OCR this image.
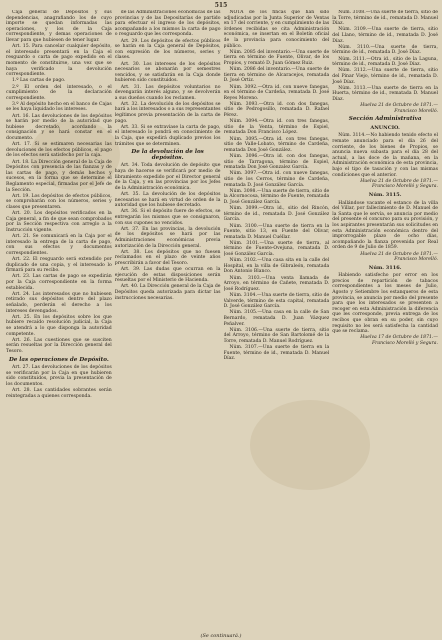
515

Caja general de Depósitos y sus dependencias, anagrafiando los de cuyo importe se quedan informadas las operaciones, y los de la Caja correspondiente, y demas operaciones de llevar para que hubiesen de tener lugar.

Art. 15. Para cancelar cualquier depósito, el interesado presentará en la Caja el resguardo o carta de pago expedido en el momento de constituirse, una vez que se haya verificado la devolución correspondiente.

1.º Las cartas de pago.

2.º El orden del interesado, o el cumplimiento de la declaración correspondiente.

3.º Al depósito hecho en el banco de Cajas se les haya liquidado los intereses.

Art. 16. Las devoluciones de los depósitos se harán por medio de la autoridad que hubiese decretado, acordando la consignación y se hará constar en el documento.

Art. 17. Si se estimaren necesarias las devoluciones de los efectos públicos, el pago de los efectos será satisfecho por la caja.

Art. 18. La Dirección general de la Caja de Depósitos con presencia de las fianzas y de las cartas de pago, y demás hechos y sucesos, en la forma que se determine el Reglamento especial, firmadas por el Jefe de la Sección.

Art. 19. Los depósitos de efectos públicos, se comprobarán con los números, series y clases que presentaren.

Art. 20. Los depósitos verificados en la Caja general, a fin de que sean comprobados por la Sección respectiva con arreglo a la Instrucción vigente.

Art. 21. Se comunicará en la Caja por el interesado la entrega de la carta de pago, con sus efectos y documentos correspondientes.

Art. 22. El resguardo será extendido por duplicado de una copia, y el interesado lo firmará para su recibo.

Art. 23. Las cartas de pago se expedirán por la Caja correspondiente en la forma establecida.

Art. 24. Los interesados que no hubiesen retirado sus depósitos dentro del plazo señalado, perderán el derecho a los intereses devengados.

Art. 25. En los depósitos sobre los que hubiere recaído resolución judicial, la Caja se atendrá a lo que disponga la autoridad competente.

Art. 26. Las cuestiones que se susciten serán resueltas por la Dirección general del Tesoro.

De las operaciones de Depósito.

Art. 27. Las devoluciones de los depósitos se verificarán por la Caja en que hubieren sido constituidos, previa la presentación de los documentos.

Art. 28. Las cantidades sobrantes serán reintegradas a quienes corresponda.

de las Administraciones económicas de las provincias y de las Depositarías de partido para efectuar el ingreso de los depósitos, acompañando a los mismos la carta de pago o resguardo que les corresponda.

Art. 29. Los depósitos de efectos públicos se harán en la Caja general de Depósitos, con expresión de los números, series y clases.

Art. 30. Los intereses de los depósitos necesarios se abonarán por semestres vencidos, y se satisfarán en la Caja donde hubieren sido constituidos.

Art. 31. Los depósitos voluntarios no devengarán interés alguno, y se devolverán a sus dueños cuando los reclamen.

Art. 32. La devolución de los depósitos se hará a los interesados o a sus representantes legítimos previa presentación de la carta de pago.

Art. 33. Si se extraviase la carta de pago, el interesado lo pondrá en conocimiento de la Caja, que expedirá duplicado previos los trámites que se determinen.

De la devolución de los depósitos.

Art. 34. Toda devolución de depósito que haya de hacerse se verificará por medio de libramiento expedido por el Director general de la Caja, y en las provincias por los Jefes de la Administración económica.

Art. 35. La devolución de los depósitos necesarios se hará en virtud de orden de la autoridad que los hubiese decretado.

Art. 36. Si el depósito fuere de efectos, se entregarán los mismos que se consignaron, con sus cupones no vencidos.

Art. 37. En las provincias, la devolución de los depósitos se hará por las Administraciones económicas previa autorización de la Dirección general.

Art. 38. Los depósitos que no fuesen reclamados en el plazo de veinte años prescribirán a favor del Tesoro.

Art. 39. Las dudas que ocurran en la ejecución de estas disposiciones serán resueltas por el Ministerio de Hacienda.

Art. 40. La Dirección general de la Caja de Depósitos queda autorizada para dictar las instrucciones necesarias.

NOTA de los fincas que han sido adjudicadas por la Junta Superior de Ventas en 17 del corriente, y en cumplimiento de las órdenes recibidas se cita Administración económica, se insertan en el Boletín oficial de la provincia para conocimiento del público.

Núm. 2085 del inventario.—Una suerte de tierra en término de Fuente, Olivar, de los Propios, y remató D. Juan Gómez Ruiz.

Núm. 2086 del inventario.—Una suerte de tierra en término de Alcaracejos, rematada D. José Ortiz.

Núm. 3092.—Otra id. con nueve fanegas, en el término de Cardeña, rematada D. José Reyes Moreno.

Núm. 3093.—Otra id. con dos fanegas, sitio de Pedrogosillo, rematada D. Rafael Pérez.

Núm. 3094.—Otra id. con tres fanegas, sitio de la Venta, término de Espiel, rematada Don Francisco López.

Núm. 3095.—Otra id. con tres fanegas, sitio de Valle-Lobato, término de Cardeña, rematada Don José González.

Núm. 3096.—Otra id. con dos fanegas, sitio de Tarragona, término de Espiel, rematada Don José Gonzalez García.

Núm. 3097.—Otra id. con nueve fanegas, sitio de los Cerros, término de Cardeña, rematada D. José González García.

Núm. 3098.—Una suerte de tierra, sitio de la Alcornocosa, término de Fuente, rematada D. José González García.

Núm. 3099.—Otra id., sitio del Rincón, término de id., rematada D. José González García.

Núm. 3100.—Una suerte de tierra en la Fuente, sitio 13, en Fuente del Olivar, rematada D. Manuel Cuéllar.

Núm. 3101.—Una suerte de tierra, al término de Fuente-Ovejuna, rematada D. José González García.

Núm. 3102.—Una casa sita en la calle del Hospital, en la villa de Gibraleón, rematada Don Antonio Blanco.

Núm. 3103.—Una venta llamada de Arroyo, en término de Cañete, rematada D. José Rodríguez.

Núm. 3104.—Una suerte de tierra, sitio de Valverde, término de esta capital, rematada D. José González García.

Núm. 3105.—Una casa en la calle de San Bernardo, rematada D. Juan Vázquez Peñalver.

Núm. 3106.—Una suerte de tierra, sitio del Arroyo, término de San Bartolomé de la Torre, rematada D. Manuel Rodríguez.

Núm. 3107.—Una suerte de tierra en la Fuente, término de id., rematada D. Manuel Díaz.

Núm. 3108.—Una suerte de tierra, sitio de la Torre, término de id., rematada D. Manuel Díaz.

Núm. 3109.—Una suerte de tierra, sitio del Llano, término de id., rematada D. José Díaz.

Núm. 3110.—Una suerte de tierra, término de id., rematada D. José Díaz.

Núm. 3111.—Otra id., sitio de la Laguna, término de id., rematada D. José Díaz.

Núm. 3112.—Una suerte de tierra, sitio del Pinar Viejo, término de id., rematada D. José Díaz.

Núm. 3113.—Una suerte de tierra en la Huerta, término de id., rematada D. Manuel Díaz.

Huelva 21 de Octubre de 1871.—Francisco Morelló.

Sección Administrativa

ANUNCIO.

Núm. 3114.—No habiendo tenido efecto el remate anunciado para el día 26 del corriente, de los bienes de Propios, se anuncia nueva subasta para el día 28 del actual, a las doce de la mañana, en la Administración económica de esta provincia, bajo el tipo de tasación y con las mismas condiciones que el anterior.

Huelva 21 de Octubre de 1871.—Francisco Morelló y Segura.

Núm. 3115.

Hallándose vacante el estanco de la villa del Villar, por fallecimiento de D. Manuel de la Santa que le servía, se anuncia por medio del presente el concurso para su provisión, y los aspirantes presentarán sus solicitudes en esta Administración económica dentro del improrrogable plazo de ocho días, acompañando la fianza prevenida por Real orden de 9 de Julio de 1859.

Huelva 21 de Octubre de 1871.—Francisco Morelló.

Núm. 3116.

Habiendo satisfecho por error en los precios de repartición de tabacos correspondientes a los meses de Julio, Agosto y Setiembre los estanqueros de esta provincia, se anuncia por medio del presente para que los interesados se presenten a recoger en esta Administración la diferencia que les corresponde, previa entrega de los recibos que obran en su poder, sin cuyo requisito no les será satisfecha la cantidad que se reclama.

Huelva 17 de Octubre de 1871.—Francisco Morelló y Segura.

(Se continuará.)
